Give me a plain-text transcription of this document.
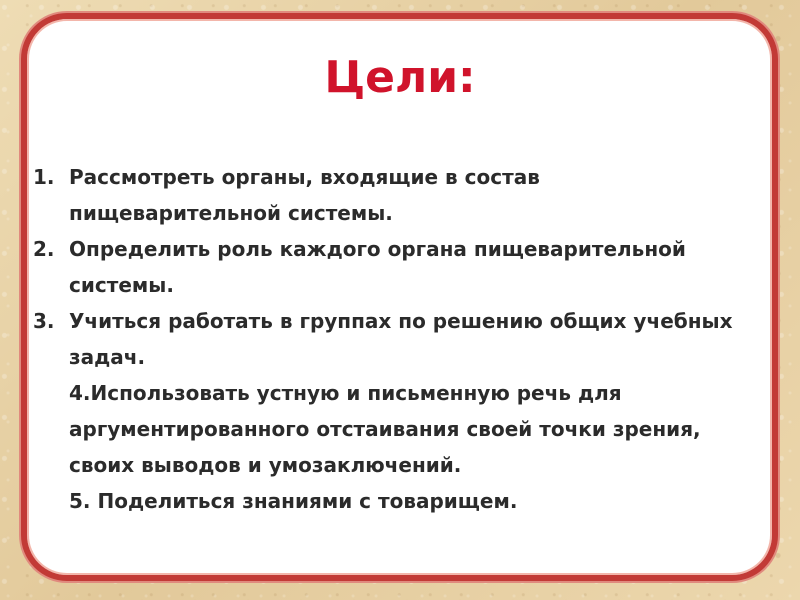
Цели:
1. Рассмотреть органы, входящие в состав пищеварительной системы.
2. Определить роль каждого органа пищеварительной системы.
3. Учиться работать в группах по решению общих учебных задач.
4.Использовать устную и письменную речь для аргументированного отстаивания своей точки зрения, своих выводов и умозаключений.
5. Поделиться знаниями с товарищем.
